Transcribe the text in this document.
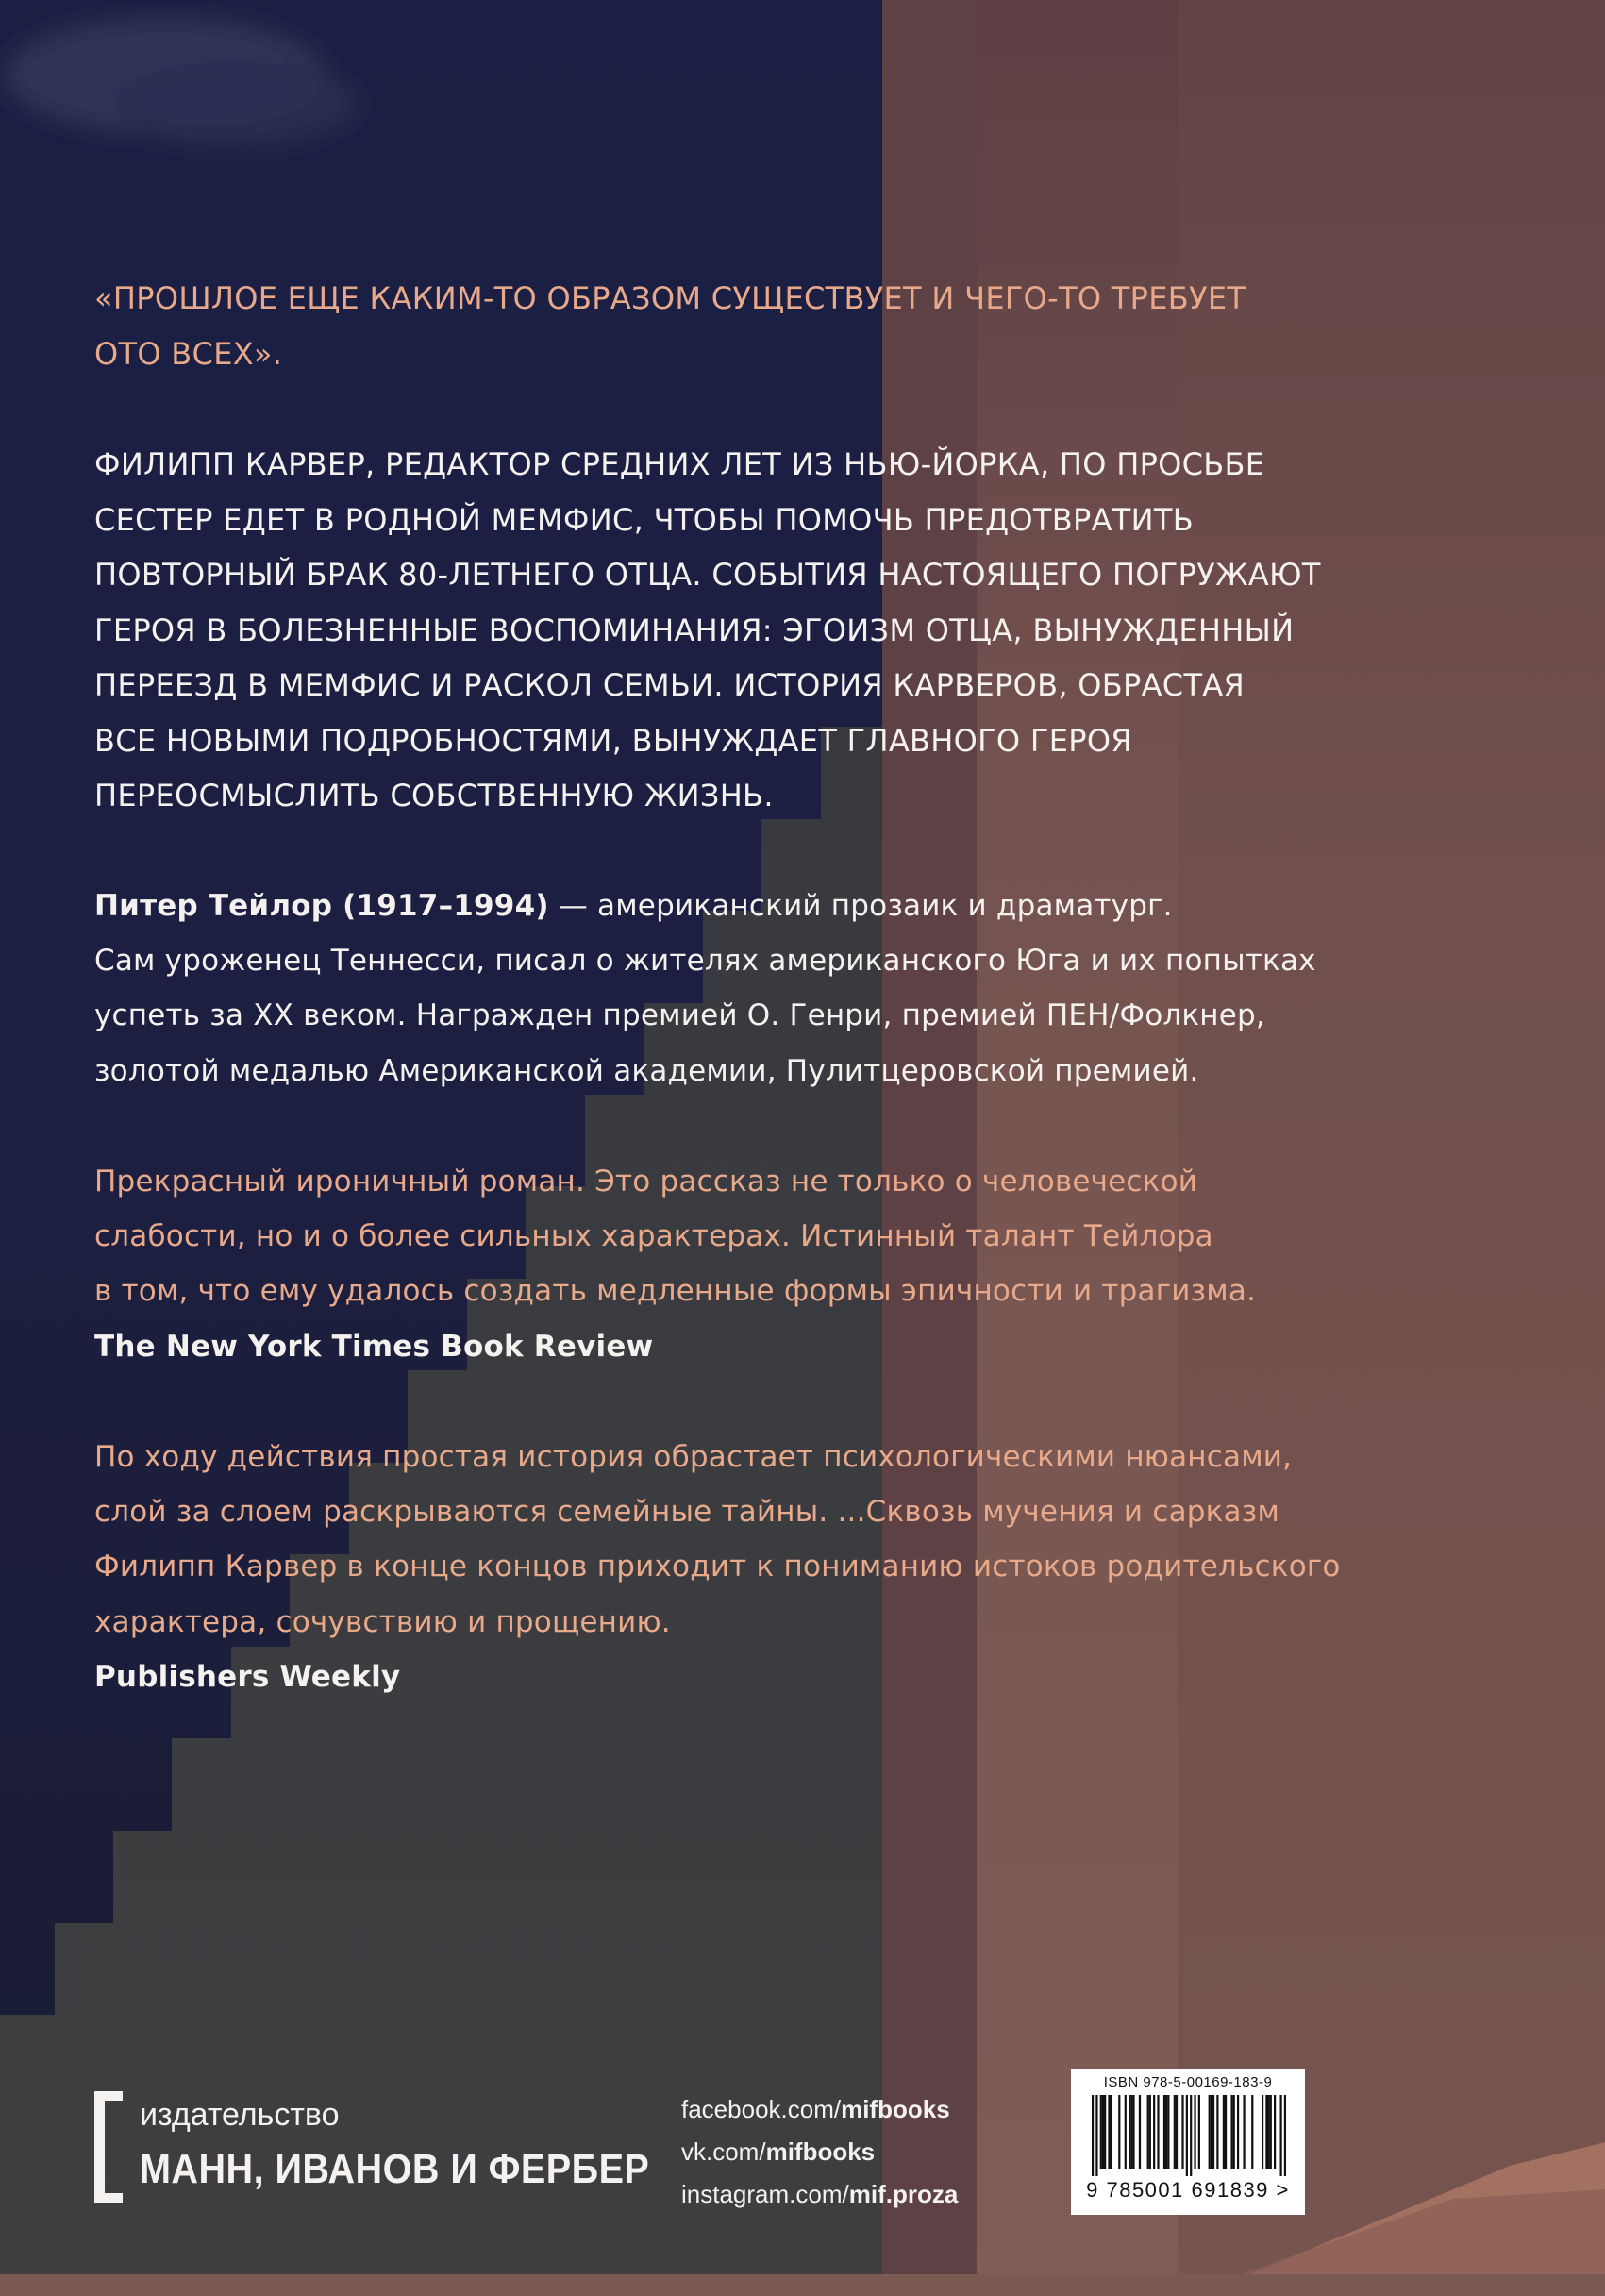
«ПРОШЛОЕ ЕЩЕ КАКИМ-ТО ОБРАЗОМ СУЩЕСТВУЕТ И ЧЕГО-ТО ТРЕБУЕТ
ОТО ВСЕХ».

ФИЛИПП КАРВЕР, РЕДАКТОР СРЕДНИХ ЛЕТ ИЗ НЬЮ-ЙОРКА, ПО ПРОСЬБЕ
СЕСТЕР ЕДЕТ В РОДНОЙ МЕМФИС, ЧТОБЫ ПОМОЧЬ ПРЕДОТВРАТИТЬ
ПОВТОРНЫЙ БРАК 80-ЛЕТНЕГО ОТЦА. СОБЫТИЯ НАСТОЯЩЕГО ПОГРУЖАЮТ
ГЕРОЯ В БОЛЕЗНЕННЫЕ ВОСПОМИНАНИЯ: ЭГОИЗМ ОТЦА, ВЫНУЖДЕННЫЙ
ПЕРЕЕЗД В МЕМФИС И РАСКОЛ СЕМЬИ. ИСТОРИЯ КАРВЕРОВ, ОБРАСТАЯ
ВСЕ НОВЫМИ ПОДРОБНОСТЯМИ, ВЫНУЖДАЕТ ГЛАВНОГО ГЕРОЯ
ПЕРЕОСМЫСЛИТЬ СОБСТВЕННУЮ ЖИЗНЬ.

Питер Тейлор (1917–1994) — американский прозаик и драматург.
Сам уроженец Теннесси, писал о жителях американского Юга и их попытках
успеть за XX веком. Награжден премией О. Генри, премией ПЕН/Фолкнер,
золотой медалью Американской академии, Пулитцеровской премией.

Прекрасный ироничный роман. Это рассказ не только о человеческой
слабости, но и о более сильных характерах. Истинный талант Тейлора
в том, что ему удалось создать медленные формы эпичности и трагизма.
The New York Times Book Review

По ходу действия простая история обрастает психологическими нюансами,
слой за слоем раскрываются семейные тайны. ...Сквозь мучения и сарказм
Филипп Карвер в конце концов приходит к пониманию истоков родительского
характера, сочувствию и прощению.
Publishers Weekly

издательство
МАНН, ИВАНОВ И ФЕРБЕР
facebook.com/mifbooks
vk.com/mifbooks
instagram.com/mif.proza
ISBN 978-5-00169-183-9
9 785001 691839 >
